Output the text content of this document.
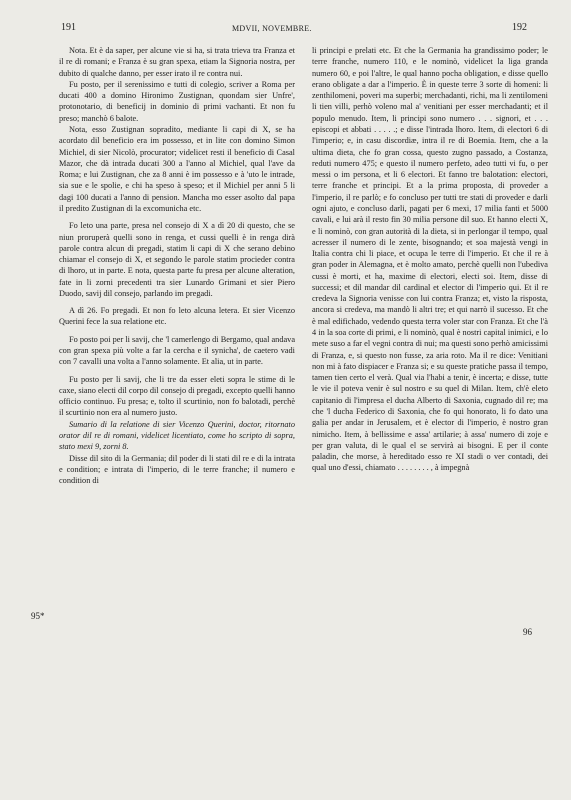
191	MDVII, NOVEMBRE.	192

Nota. Et è da saper, per alcune vie si ha, si trata trieva tra Franza et il re di romani; e Franza è su gran spexa, etiam la Signoria nostra, per dubito di qualche danno, per esser irato il re contra nui.

Fu posto, per il serenissimo e tutti di colegio, scriver a Roma per ducati 400 a domino Hironimo Zustignan, quondam sier Unfre', protonotario, di beneficij in dominio di primi vachanti. Et non fu preso; manchò 6 balote.

Nota, esso Zustignan sopradito, mediante li capi di X, se ha acordato dil beneficio era im possesso, et in lite con domino Simon Michiel, di sier Nicolò, procurator; videlicet resti il beneficio di Casal Mazor, che dà intrada ducati 300 a l'anno al Michiel, qual l'ave da Roma; e lui Zustignan, che za 8 anni è im possesso e à 'uto le intrade, sia sue e le spolie, e chi ha speso à speso; et il Michiel per anni 5 li dagi 100 ducati a l'anno di pension. Mancha mo esser asolto dal papa il predito Zustignan di la excomunicha etc.

Fo leto una parte, presa nel consejo di X a dì 20 di questo, che se niun proruperà quelli sono in renga, et cussi quelli è in renga dirà parole contra alcun di pregadi, statim li capi di X che serano debino chiamar el consejo di X, et segondo le parole statim procieder contra di lhoro, ut in parte. E nota, questa parte fu presa per alcune alteration, fate in li zorni precedenti tra sier Lunardo Grimani et sier Piero Duodo, savij dil consejo, parlando im pregadi.

A dì 26. Fo pregadi. Et non fo leto alcuna letera. Et sier Vicenzo Querini fece la sua relatione etc.

Fo posto poi per li savij, che 'l camerlengo di Bergamo, qual andava con gran spexa più volte a far la cercha e il synicha', de caetero vadi con 7 cavalli una volta a l'anno solamente. Et alia, ut in parte.

Fu posto per li savij, che li tre da esser eleti sopra le stime di le caxe, siano electi dil corpo dil consejo di pregadi, excepto quelli hanno officio continuo. Fu presa; e, tolto il scurtinio, non fo balotadi, perchè il scurtinio non era al numero justo.

Sumario di la relatione di sier Vicenzo Querini, doctor, ritornato orator dil re di romani, videlicet licentiato, come ho scripto di sopra, stato mexi 9, zorni 8.

Disse dil sito di la Germania; dil poder di li stati dil re e di la intrata e condition; e intrata di l'imperio, di le terre franche; il numero e condition di

95*
96

li principi e prelati etc. Et che la Germania ha grandissimo poder; le terre franche, numero 110, e le nominò, videlicet la liga granda numero 60, e poi l'altre, le qual hanno pocha obligation, e disse quello erano obligate a dar a l'imperio. È in queste terre 3 sorte di homeni: li zenthilomeni, poveri ma superbi; merchadanti, richi, ma li zentilomeni li tien villi, perhò voleno mal a' venitiani per esser merchadanti; et il populo menudo. Item, li principi sono numero . . . signori, et . . . episcopi et abbati . . . . .; e disse l'intrada lhoro. Item, di electori 6 di l'imperio; e, in casu discordiæ, intra il re di Boemia. Item, che a la ultima dieta, che fo gran cossa, questo zugno passado, a Costanza, reduti numero 475; e questo il numero perfeto, adeo tutti vi fu, o per messi o im persona, et li 6 electori. Et fanno tre balotation: electori, terre franche et principi. Et a la prima proposta, di proveder a l'imperio, il re parlò; e fo concluso per tutti tre stati di proveder e darli ogni ajuto, e concluso darli, pagati per 6 mexi, 17 milia fanti et 5000 cavali, e lui arà il resto fin 30 milia persone dil suo. Et hanno electi X, e li nominò, con gran autorità di la dieta, si in perlongar il tempo, qual acresser il numero di le zente, bisognando; et soa majestà vengi in Italia contra chi li piace, et ocupa le terre di l'imperio. Et che il re à gran poder in Alemagna, et è molto amato, perchè quelli non l'ubediva cussi è morti, et ha, maxime di electori, electi soi. Item, disse di successi; et dil mandar dil cardinal et elector di l'imperio qui. Et il re credeva la Signoria venisse con lui contra Franza; et, visto la risposta, ancora si credeva, ma mandò li altri tre; et qui narrò il sucesso. Et che è mal edifichado, vedendo questa terra voler star con Franza. Et che l'à 4 in la soa corte di primi, e li nominò, qual è nostri capital inimici, e lo mete suso a far el vegni contra di nui; ma questi sono perhò amicissimi di Franza, e, si questo non fusse, za aria roto. Ma il re dice: Venitiani non mi à fato dispiacer e Franza si; e su queste pratiche passa il tempo, tamen tien certo el verà. Qual via l'habi a tenir, è incerta; e disse, tutte le vie il poteva venir è sul nostro e su quel di Milan. Item, ch'è eleto capitanio di l'impresa el ducha Alberto di Saxonia, cugnado dil re; ma che 'l ducha Federico di Saxonia, che fo qui honorato, li fo dato una galia per andar in Jerusalem, et è elector di l'imperio, è nostro gran nimicho. Item, à bellissime e assa' artilarie; à assa' numero di zoje e per gran valuta, di le qual el se servirà ai bisogni. E per il conte paladin, che morse, à hereditado esso re XI stadi o ver contadi, dei qual uno d'essi, chiamato . . . . . . . . , à impegnà
